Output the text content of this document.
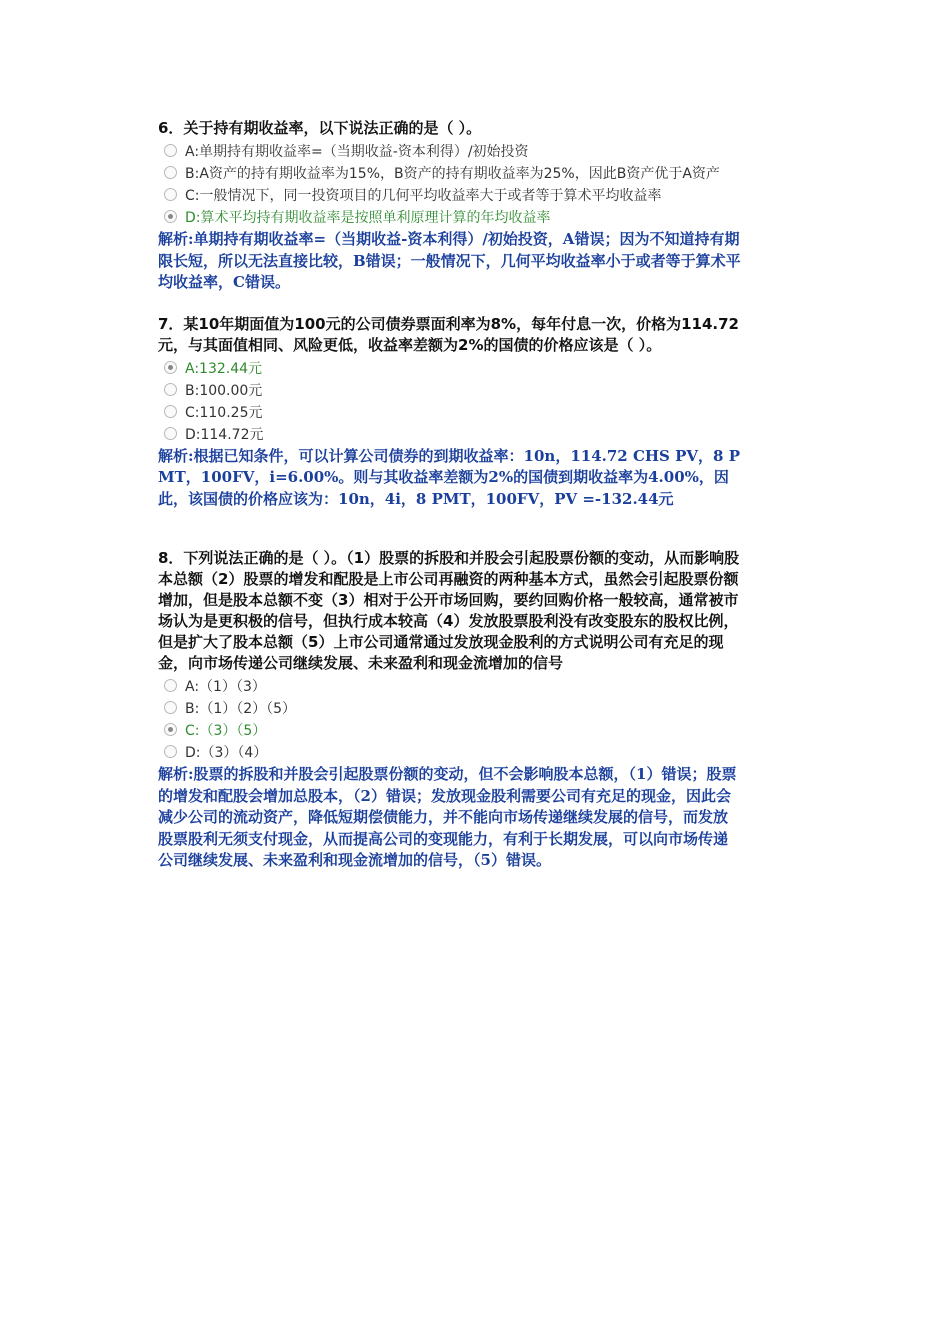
6．关于持有期收益率，以下说法正确的是（ ）。

A:单期持有期收益率=（当期收益-资本利得）/初始投资
B:A资产的持有期收益率为15%，B资产的持有期收益率为25%，因此B资产优于A资产
C:一般情况下，同一投资项目的几何平均收益率大于或者等于算术平均收益率
D:算术平均持有期收益率是按照单利原理计算的年均收益率

解析:单期持有期收益率=（当期收益-资本利得）/初始投资，A错误；因为不知道持有期限长短，所以无法直接比较，B错误；一般情况下，几何平均收益率小于或者等于算术平均收益率，C错误。

7．某10年期面值为100元的公司债券票面利率为8%，每年付息一次，价格为114.72元，与其面值相同、风险更低，收益率差额为2%的国债的价格应该是（ ）。

A:132.44元
B:100.00元
C:110.25元
D:114.72元

解析:根据已知条件，可以计算公司债券的到期收益率：10n，114.72 CHS PV，8 PMT，100FV，i=6.00%。则与其收益率差额为2%的国债到期收益率为4.00%，因此，该国债的价格应该为：10n，4i，8 PMT，100FV，PV =-132.44元

8．下列说法正确的是（ ）。（1）股票的拆股和并股会引起股票份额的变动，从而影响股本总额（2）股票的增发和配股是上市公司再融资的两种基本方式，虽然会引起股票份额增加，但是股本总额不变（3）相对于公开市场回购，要约回购价格一般较高，通常被市场认为是更积极的信号，但执行成本较高（4）发放股票股利没有改变股东的股权比例，但是扩大了股本总额（5）上市公司通常通过发放现金股利的方式说明公司有充足的现金，向市场传递公司继续发展、未来盈利和现金流增加的信号

A:（1）（3）
B:（1）（2）（5）
C:（3）（5）
D:（3）（4）

解析:股票的拆股和并股会引起股票份额的变动，但不会影响股本总额，（1）错误；股票的增发和配股会增加总股本，（2）错误；发放现金股利需要公司有充足的现金，因此会减少公司的流动资产，降低短期偿债能力，并不能向市场传递继续发展的信号，而发放股票股利无须支付现金，从而提高公司的变现能力，有利于长期发展，可以向市场传递公司继续发展、未来盈利和现金流增加的信号，（5）错误。
